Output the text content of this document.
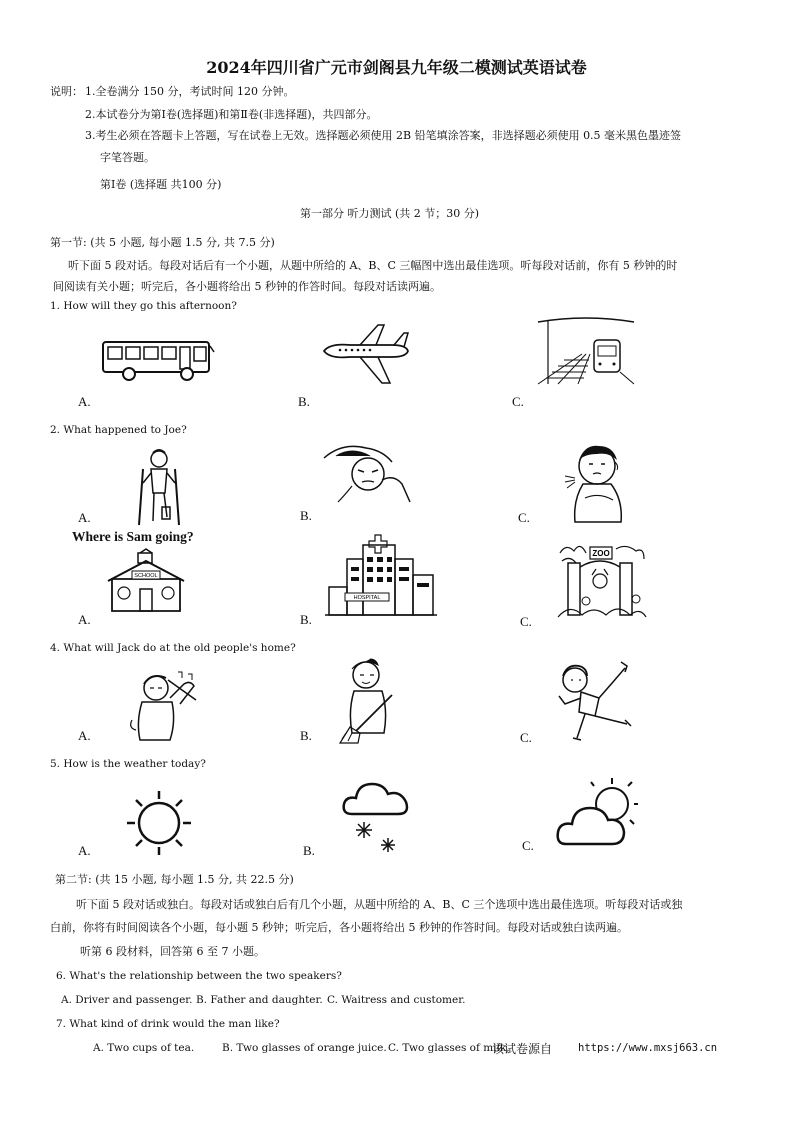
2024年四川省广元市剑阁县九年级二模测试英语试卷
说明： 1.全卷满分 150 分，考试时间 120 分钟。
2.本试卷分为第Ⅰ卷(选择题)和第Ⅱ卷(非选择题)，共四部分。
3.考生必须在答题卡上答题，写在试卷上无效。选择题必须使用 2B 铅笔填涂答案，非选择题必须使用 0.5 毫米黑色墨迹签
字笔答题。
第Ⅰ卷 (选择题 共100 分)
第一部分 听力测试 (共 2 节；30 分)
第一节: (共 5 小题, 每小题 1.5 分, 共 7.5 分)
听下面 5 段对话。每段对话后有一个小题，从题中所给的 A、B、C 三幅图中选出最佳选项。听每段对话前，你有 5 秒钟的时
间阅读有关小题；听完后，各小题将给出 5 秒钟的作答时间。每段对话读两遍。
1. How will they go this afternoon?
A.	B.	C.
2. What happened to Joe?
A.	B.	C.
Where is Sam going?
SCHOOL
A.
HOSPITAL
B.
ZOO
C.
4. What will Jack do at the old people's home?
A.	B.	C.
5. How is the weather today?
A.	B.	C.
第二节: (共 15 小题, 每小题 1.5 分, 共 22.5 分)
听下面 5 段对话或独白。每段对话或独白后有几个小题，从题中所给的 A、B、C 三个选项中选出最佳选项。听每段对话或独
白前，你将有时间阅读各个小题，每小题 5 秒钟；听完后，各小题将给出 5 秒钟的作答时间。每段对话或独白读两遍。
听第 6 段材料，回答第 6 至 7 小题。
6. What's the relationship between the two speakers?
A. Driver and passenger. B. Father and daughter. C. Waitress and customer.
7. What kind of drink would the man like?
A. Two cups of tea.	B. Two glasses of orange juice. C. Two glasses of milk.
该试卷源自 https://www.mxsj663.cn
